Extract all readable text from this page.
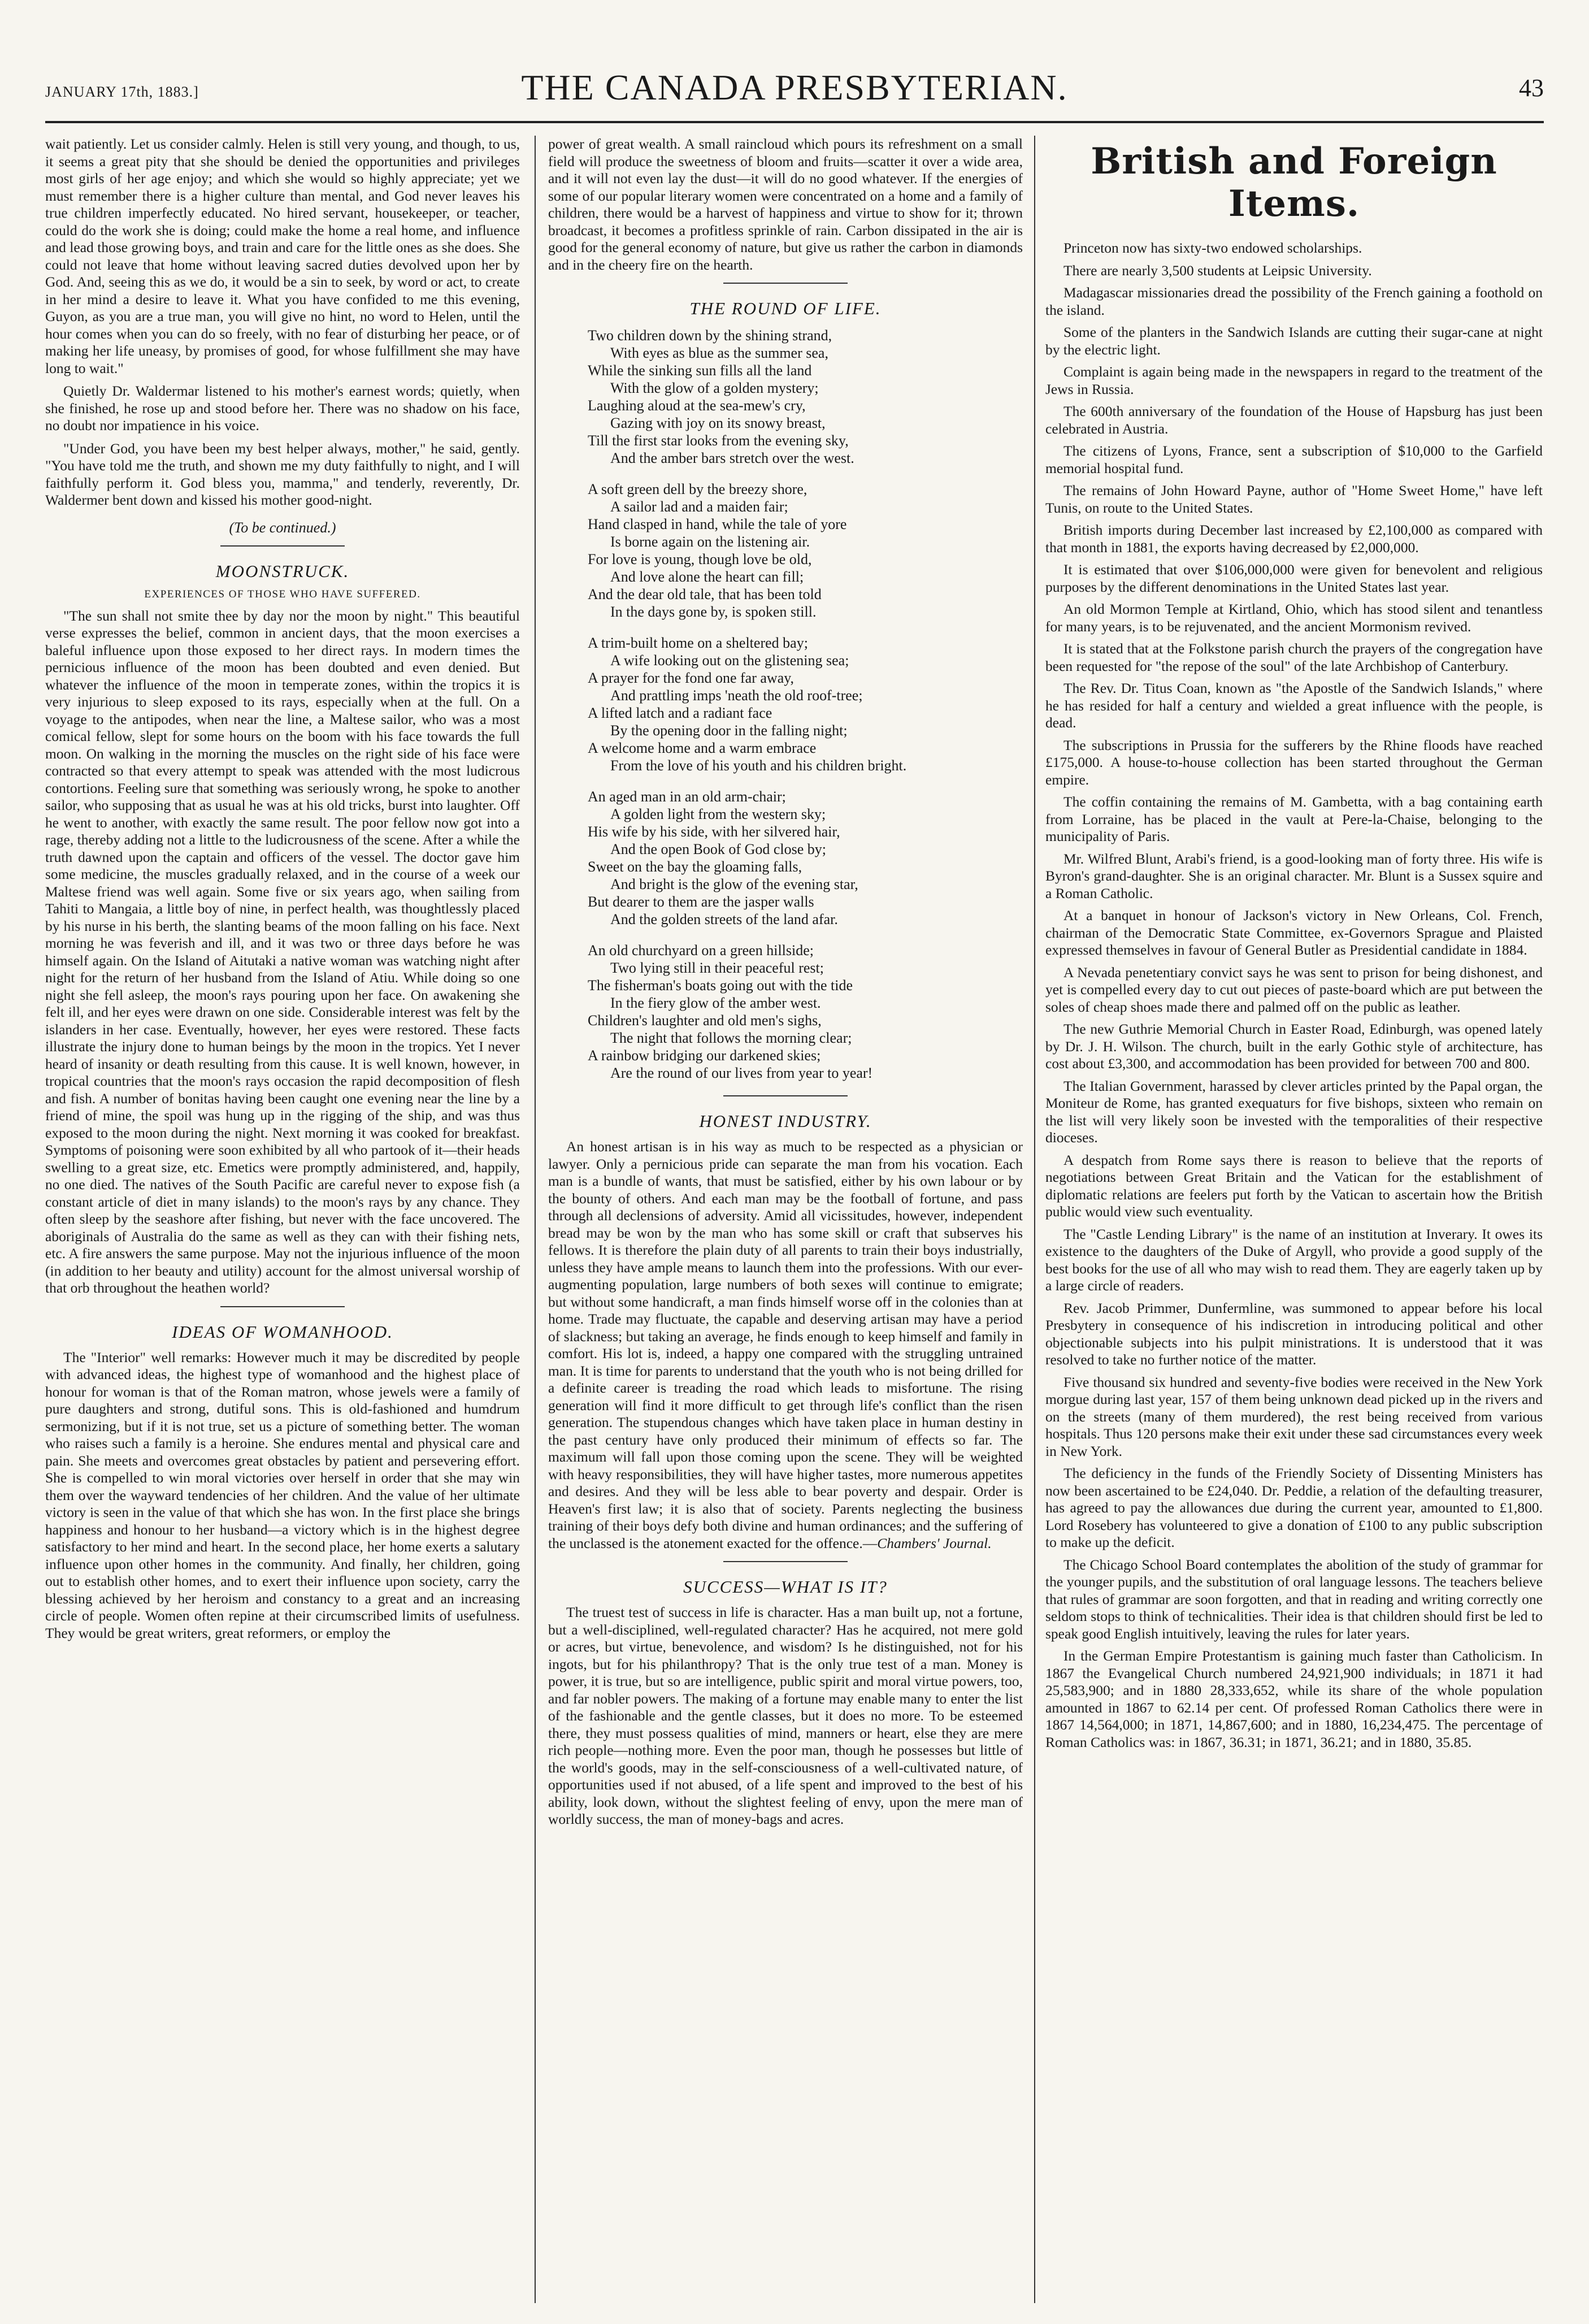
JANUARY 17th, 1883.]	THE CANADA PRESBYTERIAN.	43

wait patiently. Let us consider calmly. Helen is still very young, and though, to us, it seems a great pity that she should be denied the opportunities and privileges most girls of her age enjoy; and which she would so highly appreciate; yet we must remember there is a higher culture than mental, and God never leaves his true children imperfectly educated. No hired servant, housekeeper, or teacher, could do the work she is doing; could make the home a real home, and influence and lead those growing boys, and train and care for the little ones as she does. She could not leave that home without leaving sacred duties devolved upon her by God. And, seeing this as we do, it would be a sin to seek, by word or act, to create in her mind a desire to leave it. What you have confided to me this evening, Guyon, as you are a true man, you will give no hint, no word to Helen, until the hour comes when you can do so freely, with no fear of disturbing her peace, or of making her life uneasy, by promises of good, for whose fulfillment she may have long to wait."

Quietly Dr. Waldermar listened to his mother's earnest words; quietly, when she finished, he rose up and stood before her. There was no shadow on his face, no doubt nor impatience in his voice.

"Under God, you have been my best helper always, mother," he said, gently. "You have told me the truth, and shown me my duty faithfully to night, and I will faithfully perform it. God bless you, mamma," and tenderly, reverently, Dr. Waldermer bent down and kissed his mother good-night.

(To be continued.)
MOONSTRUCK.
EXPERIENCES OF THOSE WHO HAVE SUFFERED.

"The sun shall not smite thee by day nor the moon by night." This beautiful verse expresses the belief, common in ancient days, that the moon exercises a baleful influence upon those exposed to her direct rays. In modern times the pernicious influence of the moon has been doubted and even denied. But whatever the influence of the moon in temperate zones, within the tropics it is very injurious to sleep exposed to its rays, especially when at the full. On a voyage to the antipodes, when near the line, a Maltese sailor, who was a most comical fellow, slept for some hours on the boom with his face towards the full moon. On walking in the morning the muscles on the right side of his face were contracted so that every attempt to speak was attended with the most ludicrous contortions. Feeling sure that something was seriously wrong, he spoke to another sailor, who supposing that as usual he was at his old tricks, burst into laughter. Off he went to another, with exactly the same result. The poor fellow now got into a rage, thereby adding not a little to the ludicrousness of the scene. After a while the truth dawned upon the captain and officers of the vessel. The doctor gave him some medicine, the muscles gradually relaxed, and in the course of a week our Maltese friend was well again. Some five or six years ago, when sailing from Tahiti to Mangaia, a little boy of nine, in perfect health, was thoughtlessly placed by his nurse in his berth, the slanting beams of the moon falling on his face. Next morning he was feverish and ill, and it was two or three days before he was himself again. On the Island of Aitutaki a native woman was watching night after night for the return of her husband from the Island of Atiu. While doing so one night she fell asleep, the moon's rays pouring upon her face. On awakening she felt ill, and her eyes were drawn on one side. Considerable interest was felt by the islanders in her case. Eventually, however, her eyes were restored. These facts illustrate the injury done to human beings by the moon in the tropics. Yet I never heard of insanity or death resulting from this cause. It is well known, however, in tropical countries that the moon's rays occasion the rapid decomposition of flesh and fish. A number of bonitas having been caught one evening near the line by a friend of mine, the spoil was hung up in the rigging of the ship, and was thus exposed to the moon during the night. Next morning it was cooked for breakfast. Symptoms of poisoning were soon exhibited by all who partook of it—their heads swelling to a great size, etc. Emetics were promptly administered, and, happily, no one died. The natives of the South Pacific are careful never to expose fish (a constant article of diet in many islands) to the moon's rays by any chance. They often sleep by the seashore after fishing, but never with the face uncovered. The aboriginals of Australia do the same as well as they can with their fishing nets, etc. A fire answers the same purpose. May not the injurious influence of the moon (in addition to her beauty and utility) account for the almost universal worship of that orb throughout the heathen world?

IDEAS OF WOMANHOOD.

The "Interior" well remarks: However much it may be discredited by people with advanced ideas, the highest type of womanhood and the highest place of honour for woman is that of the Roman matron, whose jewels were a family of pure daughters and strong, dutiful sons. This is old-fashioned and humdrum sermonizing, but if it is not true, set us a picture of something better. The woman who raises such a family is a heroine. She endures mental and physical care and pain. She meets and overcomes great obstacles by patient and persevering effort. She is compelled to win moral victories over herself in order that she may win them over the wayward tendencies of her children. And the value of her ultimate victory is seen in the value of that which she has won. In the first place she brings happiness and honour to her husband—a victory which is in the highest degree satisfactory to her mind and heart. In the second place, her home exerts a salutary influence upon other homes in the community. And finally, her children, going out to establish other homes, and to exert their influence upon society, carry the blessing achieved by her heroism and constancy to a great and an increasing circle of people. Women often repine at their circumscribed limits of usefulness. They would be great writers, great reformers, or employ the

power of great wealth. A small raincloud which pours its refreshment on a small field will produce the sweetness of bloom and fruits—scatter it over a wide area, and it will not even lay the dust—it will do no good whatever. If the energies of some of our popular literary women were concentrated on a home and a family of children, there would be a harvest of happiness and virtue to show for it; thrown broadcast, it becomes a profitless sprinkle of rain. Carbon dissipated in the air is good for the general economy of nature, but give us rather the carbon in diamonds and in the cheery fire on the hearth.

THE ROUND OF LIFE.
Two children down by the shining strand,
With eyes as blue as the summer sea,
While the sinking sun fills all the land
With the glow of a golden mystery;
Laughing aloud at the sea-mew's cry,
Gazing with joy on its snowy breast,
Till the first star looks from the evening sky,
And the amber bars stretch over the west.
A soft green dell by the breezy shore,
A sailor lad and a maiden fair;
Hand clasped in hand, while the tale of yore
Is borne again on the listening air.
For love is young, though love be old,
And love alone the heart can fill;
And the dear old tale, that has been told
In the days gone by, is spoken still.
A trim-built home on a sheltered bay;
A wife looking out on the glistening sea;
A prayer for the fond one far away,
And prattling imps 'neath the old roof-tree;
A lifted latch and a radiant face
By the opening door in the falling night;
A welcome home and a warm embrace
From the love of his youth and his children bright.
An aged man in an old arm-chair;
A golden light from the western sky;
His wife by his side, with her silvered hair,
And the open Book of God close by;
Sweet on the bay the gloaming falls,
And bright is the glow of the evening star,
But dearer to them are the jasper walls
And the golden streets of the land afar.
An old churchyard on a green hillside;
Two lying still in their peaceful rest;
The fisherman's boats going out with the tide
In the fiery glow of the amber west.
Children's laughter and old men's sighs,
The night that follows the morning clear;
A rainbow bridging our darkened skies;
Are the round of our lives from year to year!
HONEST INDUSTRY.

An honest artisan is in his way as much to be respected as a physician or lawyer. Only a pernicious pride can separate the man from his vocation. Each man is a bundle of wants, that must be satisfied, either by his own labour or by the bounty of others. And each man may be the football of fortune, and pass through all declensions of adversity. Amid all vicissitudes, however, independent bread may be won by the man who has some skill or craft that subserves his fellows. It is therefore the plain duty of all parents to train their boys industrially, unless they have ample means to launch them into the professions. With our ever-augmenting population, large numbers of both sexes will continue to emigrate; but without some handicraft, a man finds himself worse off in the colonies than at home. Trade may fluctuate, the capable and deserving artisan may have a period of slackness; but taking an average, he finds enough to keep himself and family in comfort. His lot is, indeed, a happy one compared with the struggling untrained man. It is time for parents to understand that the youth who is not being drilled for a definite career is treading the road which leads to misfortune. The rising generation will find it more difficult to get through life's conflict than the risen generation. The stupendous changes which have taken place in human destiny in the past century have only produced their minimum of effects so far. The maximum will fall upon those coming upon the scene. They will be weighted with heavy responsibilities, they will have higher tastes, more numerous appetites and desires. And they will be less able to bear poverty and despair. Order is Heaven's first law; it is also that of society. Parents neglecting the business training of their boys defy both divine and human ordinances; and the suffering of the unclassed is the atonement exacted for the offence.—Chambers' Journal.

SUCCESS—WHAT IS IT?

The truest test of success in life is character. Has a man built up, not a fortune, but a well-disciplined, well-regulated character? Has he acquired, not mere gold or acres, but virtue, benevolence, and wisdom? Is he distinguished, not for his ingots, but for his philanthropy? That is the only true test of a man. Money is power, it is true, but so are intelligence, public spirit and moral virtue powers, too, and far nobler powers. The making of a fortune may enable many to enter the list of the fashionable and the gentle classes, but it does no more. To be esteemed there, they must possess qualities of mind, manners or heart, else they are mere rich people—nothing more. Even the poor man, though he possesses but little of the world's goods, may in the self-consciousness of a well-cultivated nature, of opportunities used if not abused, of a life spent and improved to the best of his ability, look down, without the slightest feeling of envy, upon the mere man of worldly success, the man of money-bags and acres.

British and Foreign Items.

Princeton now has sixty-two endowed scholarships.

There are nearly 3,500 students at Leipsic University.

Madagascar missionaries dread the possibility of the French gaining a foothold on the island.

Some of the planters in the Sandwich Islands are cutting their sugar-cane at night by the electric light.

Complaint is again being made in the newspapers in regard to the treatment of the Jews in Russia.

The 600th anniversary of the foundation of the House of Hapsburg has just been celebrated in Austria.

The citizens of Lyons, France, sent a subscription of $10,000 to the Garfield memorial hospital fund.

The remains of John Howard Payne, author of "Home Sweet Home," have left Tunis, on route to the United States.

British imports during December last increased by £2,100,000 as compared with that month in 1881, the exports having decreased by £2,000,000.

It is estimated that over $106,000,000 were given for benevolent and religious purposes by the different denominations in the United States last year.

An old Mormon Temple at Kirtland, Ohio, which has stood silent and tenantless for many years, is to be rejuvenated, and the ancient Mormonism revived.

It is stated that at the Folkstone parish church the prayers of the congregation have been requested for "the repose of the soul" of the late Archbishop of Canterbury.

The Rev. Dr. Titus Coan, known as "the Apostle of the Sandwich Islands," where he has resided for half a century and wielded a great influence with the people, is dead.

The subscriptions in Prussia for the sufferers by the Rhine floods have reached £175,000. A house-to-house collection has been started throughout the German empire.

The coffin containing the remains of M. Gambetta, with a bag containing earth from Lorraine, has be placed in the vault at Pere-la-Chaise, belonging to the municipality of Paris.

Mr. Wilfred Blunt, Arabi's friend, is a good-looking man of forty three. His wife is Byron's grand-daughter. She is an original character. Mr. Blunt is a Sussex squire and a Roman Catholic.

At a banquet in honour of Jackson's victory in New Orleans, Col. French, chairman of the Democratic State Committee, ex-Governors Sprague and Plaisted expressed themselves in favour of General Butler as Presidential candidate in 1884.

A Nevada penetentiary convict says he was sent to prison for being dishonest, and yet is compelled every day to cut out pieces of paste-board which are put between the soles of cheap shoes made there and palmed off on the public as leather.

The new Guthrie Memorial Church in Easter Road, Edinburgh, was opened lately by Dr. J. H. Wilson. The church, built in the early Gothic style of architecture, has cost about £3,300, and accommodation has been provided for between 700 and 800.

The Italian Government, harassed by clever articles printed by the Papal organ, the Moniteur de Rome, has granted exequaturs for five bishops, sixteen who remain on the list will very likely soon be invested with the temporalities of their respective dioceses.

A despatch from Rome says there is reason to believe that the reports of negotiations between Great Britain and the Vatican for the establishment of diplomatic relations are feelers put forth by the Vatican to ascertain how the British public would view such eventuality.

The "Castle Lending Library" is the name of an institution at Inverary. It owes its existence to the daughters of the Duke of Argyll, who provide a good supply of the best books for the use of all who may wish to read them. They are eagerly taken up by a large circle of readers.

Rev. Jacob Primmer, Dunfermline, was summoned to appear before his local Presbytery in consequence of his indiscretion in introducing political and other objectionable subjects into his pulpit ministrations. It is understood that it was resolved to take no further notice of the matter.

Five thousand six hundred and seventy-five bodies were received in the New York morgue during last year, 157 of them being unknown dead picked up in the rivers and on the streets (many of them murdered), the rest being received from various hospitals. Thus 120 persons make their exit under these sad circumstances every week in New York.

The deficiency in the funds of the Friendly Society of Dissenting Ministers has now been ascertained to be £24,040. Dr. Peddie, a relation of the defaulting treasurer, has agreed to pay the allowances due during the current year, amounted to £1,800. Lord Rosebery has volunteered to give a donation of £100 to any public subscription to make up the deficit.

The Chicago School Board contemplates the abolition of the study of grammar for the younger pupils, and the substitution of oral language lessons. The teachers believe that rules of grammar are soon forgotten, and that in reading and writing correctly one seldom stops to think of technicalities. Their idea is that children should first be led to speak good English intuitively, leaving the rules for later years.

In the German Empire Protestantism is gaining much faster than Catholicism. In 1867 the Evangelical Church numbered 24,921,900 individuals; in 1871 it had 25,583,900; and in 1880 28,333,652, while its share of the whole population amounted in 1867 to 62.14 per cent. Of professed Roman Catholics there were in 1867 14,564,000; in 1871, 14,867,600; and in 1880, 16,234,475. The percentage of Roman Catholics was: in 1867, 36.31; in 1871, 36.21; and in 1880, 35.85.
